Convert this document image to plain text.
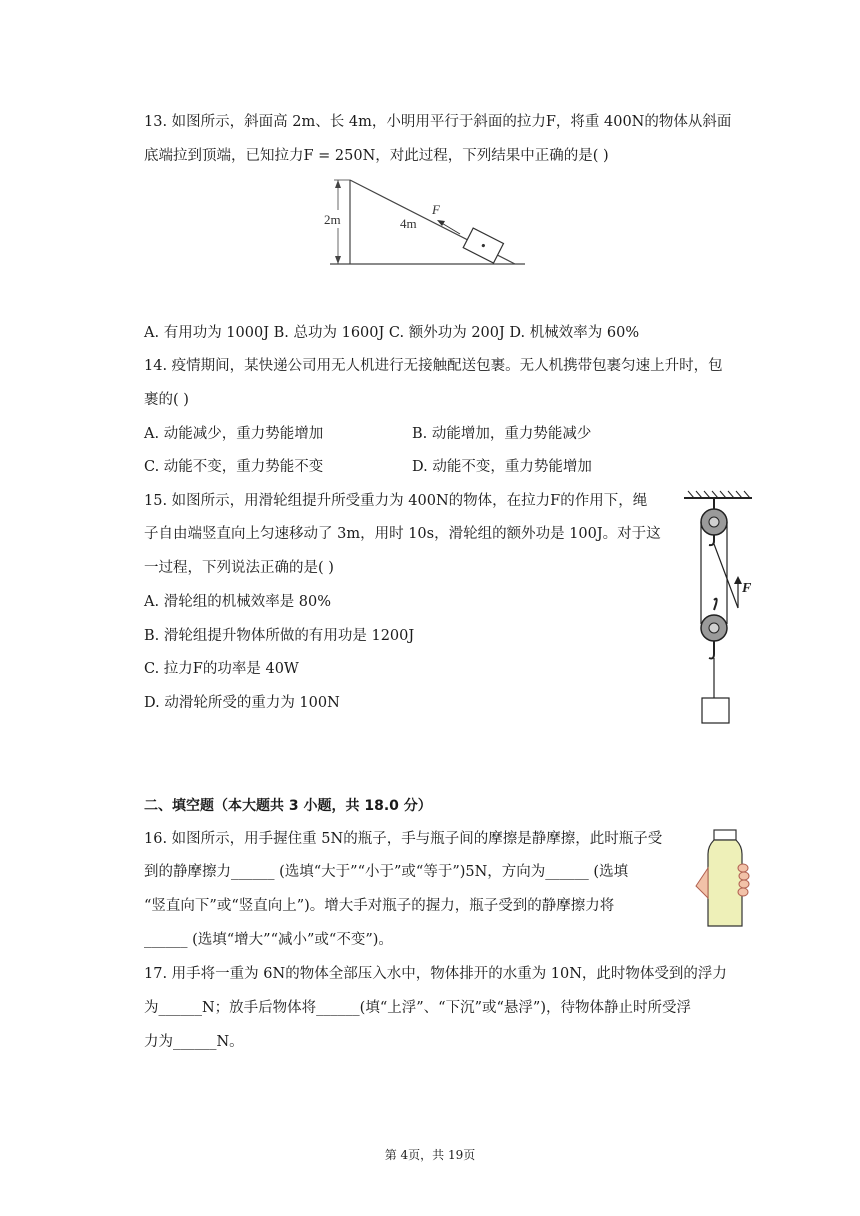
13. 如图所示，斜面高 2m、长 4m，小明用平行于斜面的拉力F，将重 400N的物体从斜面
底端拉到顶端，已知拉力F = 250N，对此过程，下列结果中正确的是( )
2m	4m
F
A. 有用功为 1000J B. 总功为 1600J C. 额外功为 200J D. 机械效率为 60%
14. 疫情期间，某快递公司用无人机进行无接触配送包裹。无人机携带包裹匀速上升时，包
裹的( )
A. 动能减少，重力势能增加	B. 动能增加，重力势能减少
C. 动能不变，重力势能不变	D. 动能不变，重力势能增加
15. 如图所示，用滑轮组提升所受重力为 400N的物体，在拉力F的作用下，绳
子自由端竖直向上匀速移动了 3m，用时 10s，滑轮组的额外功是 100J。对于这
一过程，下列说法正确的是( )
A. 滑轮组的机械效率是 80%
B. 滑轮组提升物体所做的有用功是 1200J
C. 拉力F的功率是 40W
D. 动滑轮所受的重力为 100N
F
二、填空题（本大题共 3 小题，共 18.0 分）
16. 如图所示，用手握住重 5N的瓶子，手与瓶子间的摩擦是静摩擦，此时瓶子受
到的静摩擦力______ (选填“大于”“小于”或“等于”)5N，方向为______ (选填
“竖直向下”或“竖直向上”)。增大手对瓶子的握力，瓶子受到的静摩擦力将
______ (选填“增大”“减小”或“不变”)。
17. 用手将一重为 6N的物体全部压入水中，物体排开的水重为 10N，此时物体受到的浮力
为______N；放手后物体将______(填“上浮”、“下沉”或“悬浮”)，待物体静止时所受浮
力为______N。
第 4页，共 19页
